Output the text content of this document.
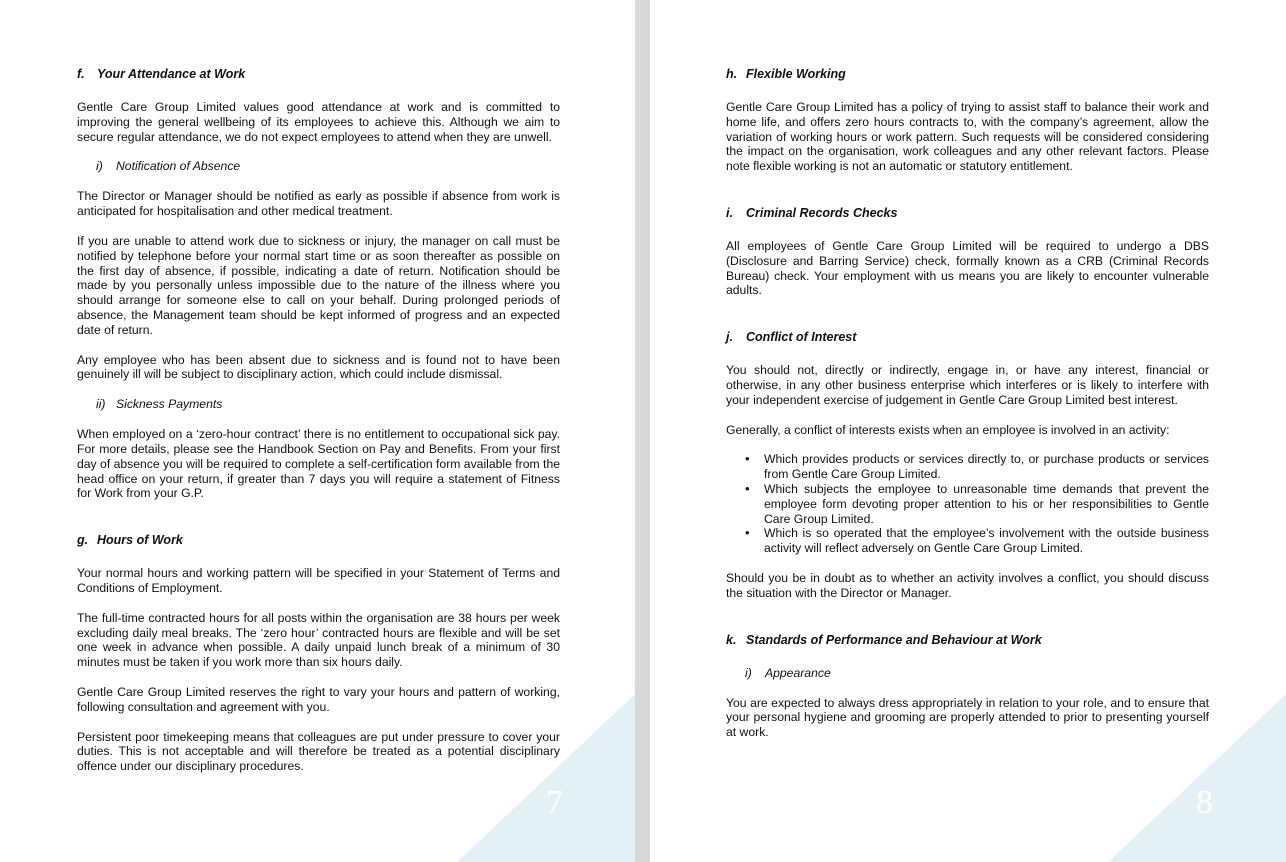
7
f. Your Attendance at Work

Gentle Care Group Limited values good attendance at work and is committed to improving the general wellbeing of its employees to achieve this. Although we aim to secure regular attendance, we do not expect employees to attend when they are unwell.

i) Notification of Absence

The Director or Manager should be notified as early as possible if absence from work is anticipated for hospitalisation and other medical treatment.

If you are unable to attend work due to sickness or injury, the manager on call must be notified by telephone before your normal start time or as soon thereafter as possible on the first day of absence, if possible, indicating a date of return. Notification should be made by you personally unless impossible due to the nature of the illness where you should arrange for someone else to call on your behalf. During prolonged periods of absence, the Management team should be kept informed of progress and an expected date of return.

Any employee who has been absent due to sickness and is found not to have been genuinely ill will be subject to disciplinary action, which could include dismissal.

ii) Sickness Payments

When employed on a ‘zero-hour contract’ there is no entitlement to occupational sick pay. For more details, please see the Handbook Section on Pay and Benefits. From your first day of absence you will be required to complete a self-certification form available from the head office on your return, if greater than 7 days you will require a statement of Fitness for Work from your G.P.

g. Hours of Work

Your normal hours and working pattern will be specified in your Statement of Terms and Conditions of Employment.

The full-time contracted hours for all posts within the organisation are 38 hours per week excluding daily meal breaks. The ‘zero hour’ contracted hours are flexible and will be set one week in advance when possible. A daily unpaid lunch break of a minimum of 30 minutes must be taken if you work more than six hours daily.

Gentle Care Group Limited reserves the right to vary your hours and pattern of working, following consultation and agreement with you.

Persistent poor timekeeping means that colleagues are put under pressure to cover your duties. This is not acceptable and will therefore be treated as a potential disciplinary offence under our disciplinary procedures.

8
h. Flexible Working

Gentle Care Group Limited has a policy of trying to assist staff to balance their work and home life, and offers zero hours contracts to, with the company’s agreement, allow the variation of working hours or work pattern. Such requests will be considered considering the impact on the organisation, work colleagues and any other relevant factors. Please note flexible working is not an automatic or statutory entitlement.

i. Criminal Records Checks

All employees of Gentle Care Group Limited will be required to undergo a DBS (Disclosure and Barring Service) check, formally known as a CRB (Criminal Records Bureau) check. Your employment with us means you are likely to encounter vulnerable adults.

j. Conflict of Interest

You should not, directly or indirectly, engage in, or have any interest, financial or otherwise, in any other business enterprise which interferes or is likely to interfere with your independent exercise of judgement in Gentle Care Group Limited best interest.

Generally, a conflict of interests exists when an employee is involved in an activity:

• Which provides products or services directly to, or purchase products or services from Gentle Care Group Limited.
• Which subjects the employee to unreasonable time demands that prevent the employee form devoting proper attention to his or her responsibilities to Gentle Care Group Limited.
• Which is so operated that the employee’s involvement with the outside business activity will reflect adversely on Gentle Care Group Limited.

Should you be in doubt as to whether an activity involves a conflict, you should discuss the situation with the Director or Manager.

k. Standards of Performance and Behaviour at Work
i) Appearance

You are expected to always dress appropriately in relation to your role, and to ensure that your personal hygiene and grooming are properly attended to prior to presenting yourself at work.
